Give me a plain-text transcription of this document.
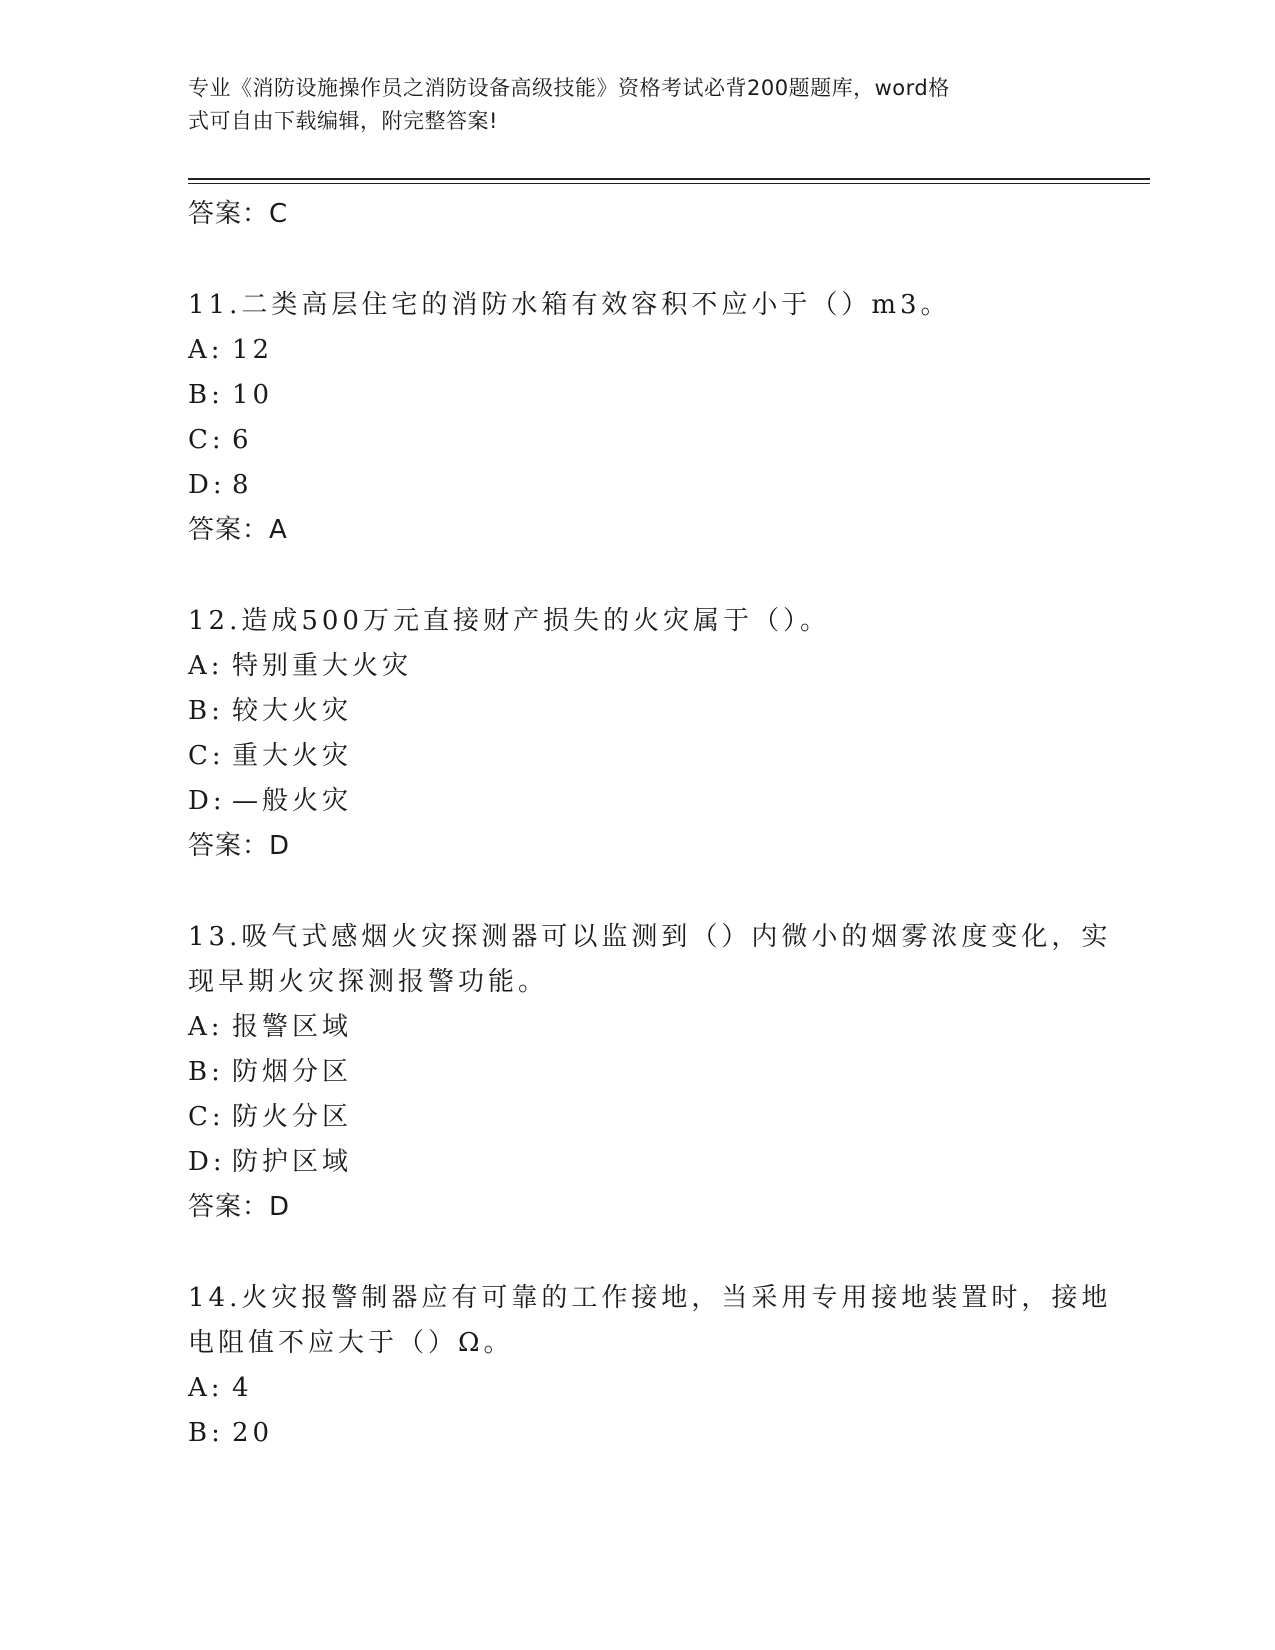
专业《消防设施操作员之消防设备高级技能》资格考试必背200题题库，word格
式可自由下载编辑，附完整答案!
答案：C
11.二类高层住宅的消防水箱有效容积不应小于（）m3。
A: 12
B: 10
C: 6
D: 8
答案：A
12.造成500万元直接财产损失的火灾属于（）。
A: 特别重大火灾
B: 较大火灾
C: 重大火灾
D: —般火灾
答案：D
13.吸气式感烟火灾探测器可以监测到（）内微小的烟雾浓度变化，实
现早期火灾探测报警功能。
A: 报警区域
B: 防烟分区
C: 防火分区
D: 防护区域
答案：D
14.火灾报警制器应有可靠的工作接地，当采用专用接地装置时，接地
电阻值不应大于（）Ω。
A: 4
B: 20
